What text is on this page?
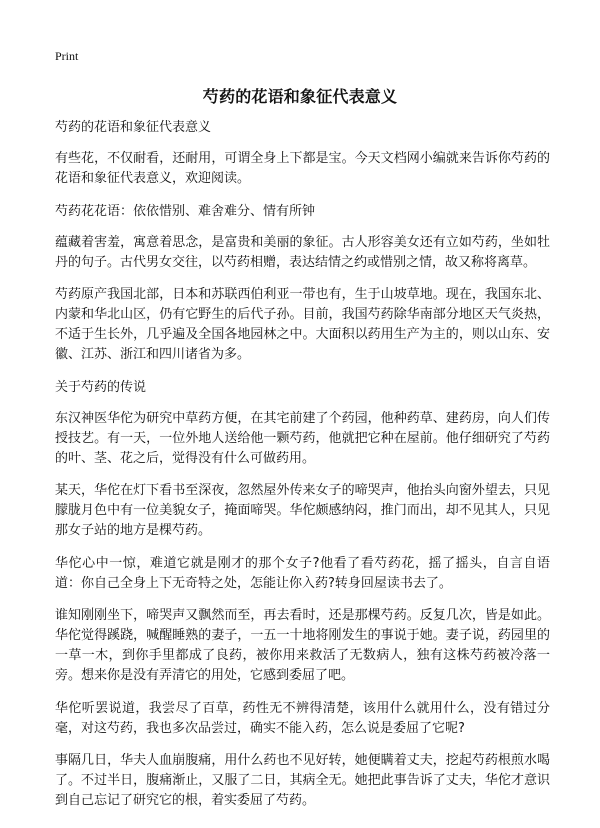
Print
芍药的花语和象征代表意义

芍药的花语和象征代表意义

有些花，不仅耐看，还耐用，可谓全身上下都是宝。今天文档网小编就来告诉你芍药的花语和象征代表意义，欢迎阅读。

芍药花花语：依依惜别、难舍难分、情有所钟

蕴藏着害羞，寓意着思念，是富贵和美丽的象征。古人形容美女还有立如芍药，坐如牡丹的句子。古代男女交往，以芍药相赠，表达结情之约或惜别之情，故又称将离草。

芍药原产我国北部，日本和苏联西伯利亚一带也有，生于山坡草地。现在，我国东北、内蒙和华北山区，仍有它野生的后代子孙。目前，我国芍药除华南部分地区天气炎热，不适于生长外，几乎遍及全国各地园林之中。大面积以药用生产为主的，则以山东、安徽、江苏、浙江和四川诸省为多。

关于芍药的传说

东汉神医华佗为研究中草药方便，在其宅前建了个药园，他种药草、建药房，向人们传授技艺。有一天，一位外地人送给他一颗芍药，他就把它种在屋前。他仔细研究了芍药的叶、茎、花之后，觉得没有什么可做药用。

某天，华佗在灯下看书至深夜，忽然屋外传来女子的啼哭声，他抬头向窗外望去，只见朦胧月色中有一位美貌女子，掩面啼哭。华佗颇感纳闷，推门而出，却不见其人，只见那女子站的地方是棵芍药。

华佗心中一惊，难道它就是刚才的那个女子?他看了看芍药花，摇了摇头，自言自语道：你自己全身上下无奇特之处，怎能让你入药?转身回屋读书去了。

谁知刚刚坐下，啼哭声又飘然而至，再去看时，还是那棵芍药。反复几次，皆是如此。华佗觉得蹊跷，喊醒睡熟的妻子，一五一十地将刚发生的事说于她。妻子说，药园里的一草一木，到你手里都成了良药，被你用来救活了无数病人，独有这株芍药被冷落一旁。想来你是没有弄清它的用处，它感到委屈了吧。

华佗听罢说道，我尝尽了百草，药性无不辨得清楚，该用什么就用什么，没有错过分毫，对这芍药，我也多次品尝过，确实不能入药，怎么说是委屈了它呢?

事隔几日，华夫人血崩腹痛，用什么药也不见好转，她便瞒着丈夫，挖起芍药根煎水喝了。不过半日，腹痛渐止，又服了二日，其病全无。她把此事告诉了丈夫，华佗才意识到自己忘记了研究它的根，着实委屈了芍药。
